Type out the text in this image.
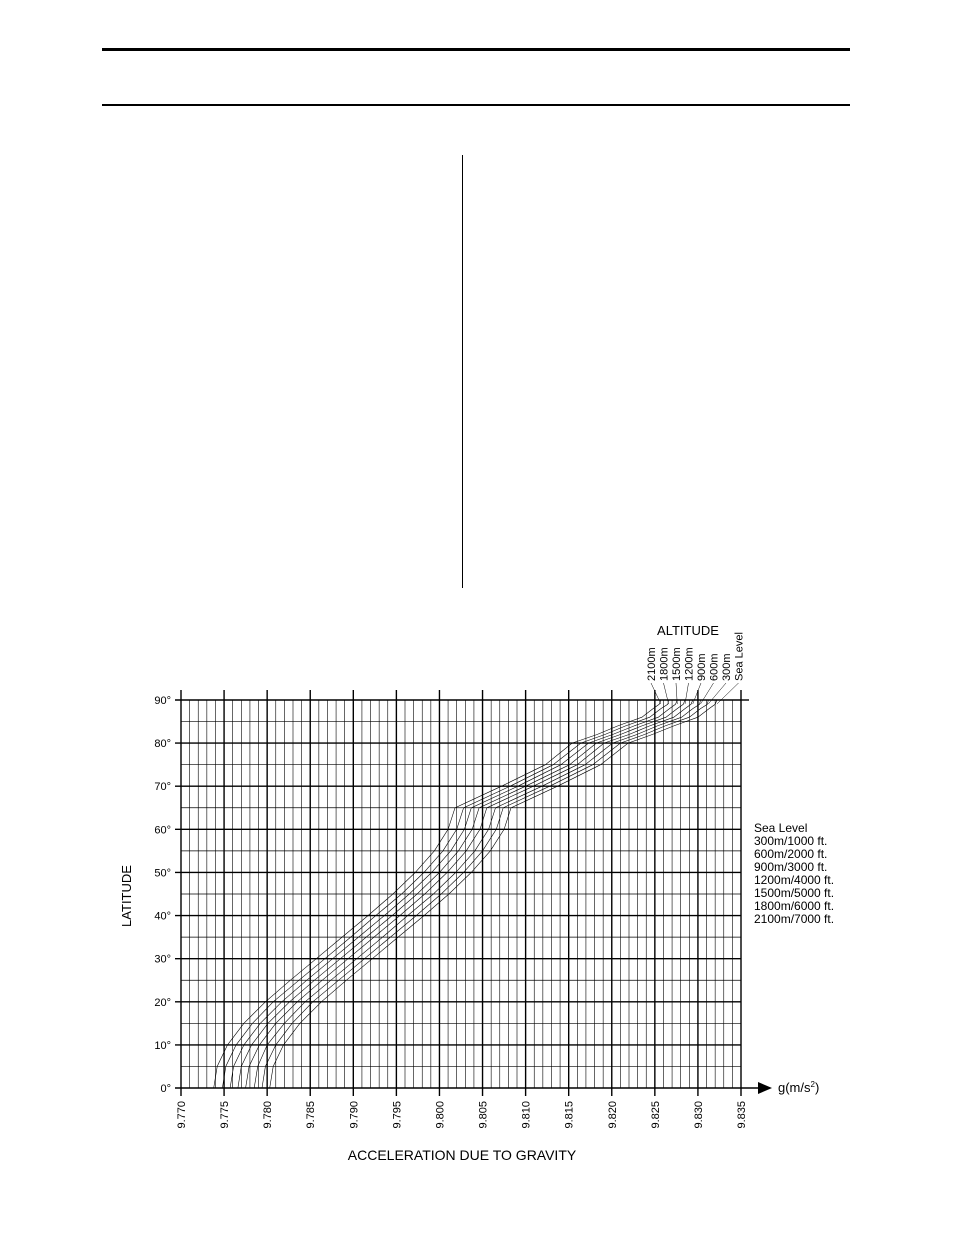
9.770	9.775	9.780	9.785	9.790	9.795	9.800	9.805	9.810	9.815	9.820	9.825	9.830	9.835
0°
10°
20°
30°
40°
50°
60°
70°
80°
90°
2100m 1800m 1500m 1200m 900m 600m 300m Sea Level
Sea Level
300m/1000 ft.
600m/2000 ft.
900m/3000 ft.
1200m/4000 ft.
1500m/5000 ft.
1800m/6000 ft.
2100m/7000 ft.
LATITUDE
ACCELERATION DUE TO GRAVITY
$g(m/s^2)$
ALTITUDE
